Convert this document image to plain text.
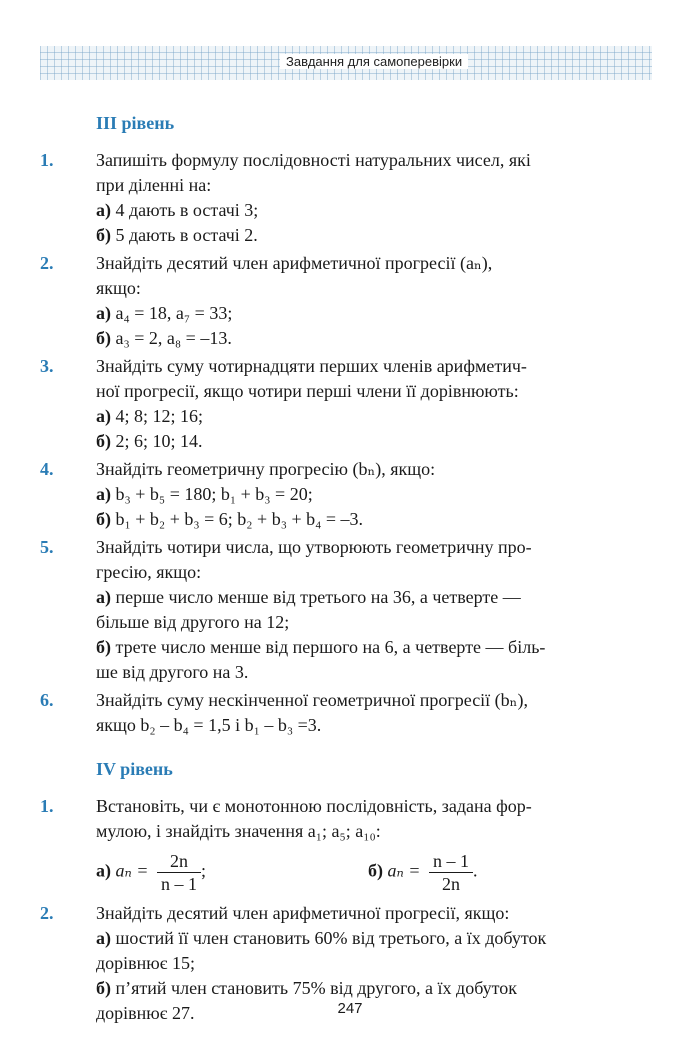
Завдання для самоперевірки
III рівень
1. Запишіть формулу послідовності натуральних чисел, які
при діленні на:
а) 4 дають в остачі 3;
б) 5 дають в остачі 2.
2. Знайдіть десятий член арифметичної прогресії (aₙ),
якщо:
а) a₄ = 18, a₇ = 33;
б) a₃ = 2, a₈ = –13.
3. Знайдіть суму чотирнадцяти перших членів арифметич-
ної прогресії, якщо чотири перші члени її дорівнюють:
а) 4; 8; 12; 16;
б) 2; 6; 10; 14.
4. Знайдіть геометричну прогресію (bₙ), якщо:
а) b₃ + b₅ = 180; b₁ + b₃ = 20;
б) b₁ + b₂ + b₃ = 6; b₂ + b₃ + b₄ = –3.
5. Знайдіть чотири числа, що утворюють геометричну про-
гресію, якщо:
а) перше число менше від третього на 36, а четверте —
більше від другого на 12;
б) трете число менше від першого на 6, а четверте — біль-
ше від другого на 3.
6. Знайдіть суму нескінченної геометричної прогресії (bₙ),
якщо b₂ – b₄ = 1,5 і b₁ – b₃ =3.
IV рівень
1. Встановіть, чи є монотонною послідовність, задана фор-
мулою, і знайдіть значення a₁; a₅; a₁₀:
а) $a_n = \frac{2n}{n - 1}$ ;	б) $a_n = \frac{n - 1}{2n}$ .
2. Знайдіть десятий член арифметичної прогресії, якщо:
а) шостий її член становить 60% від третього, а їх добуток
дорівнює 15;
б) п’ятий член становить 75% від другого, а їх добуток
дорівнює 27.	247
